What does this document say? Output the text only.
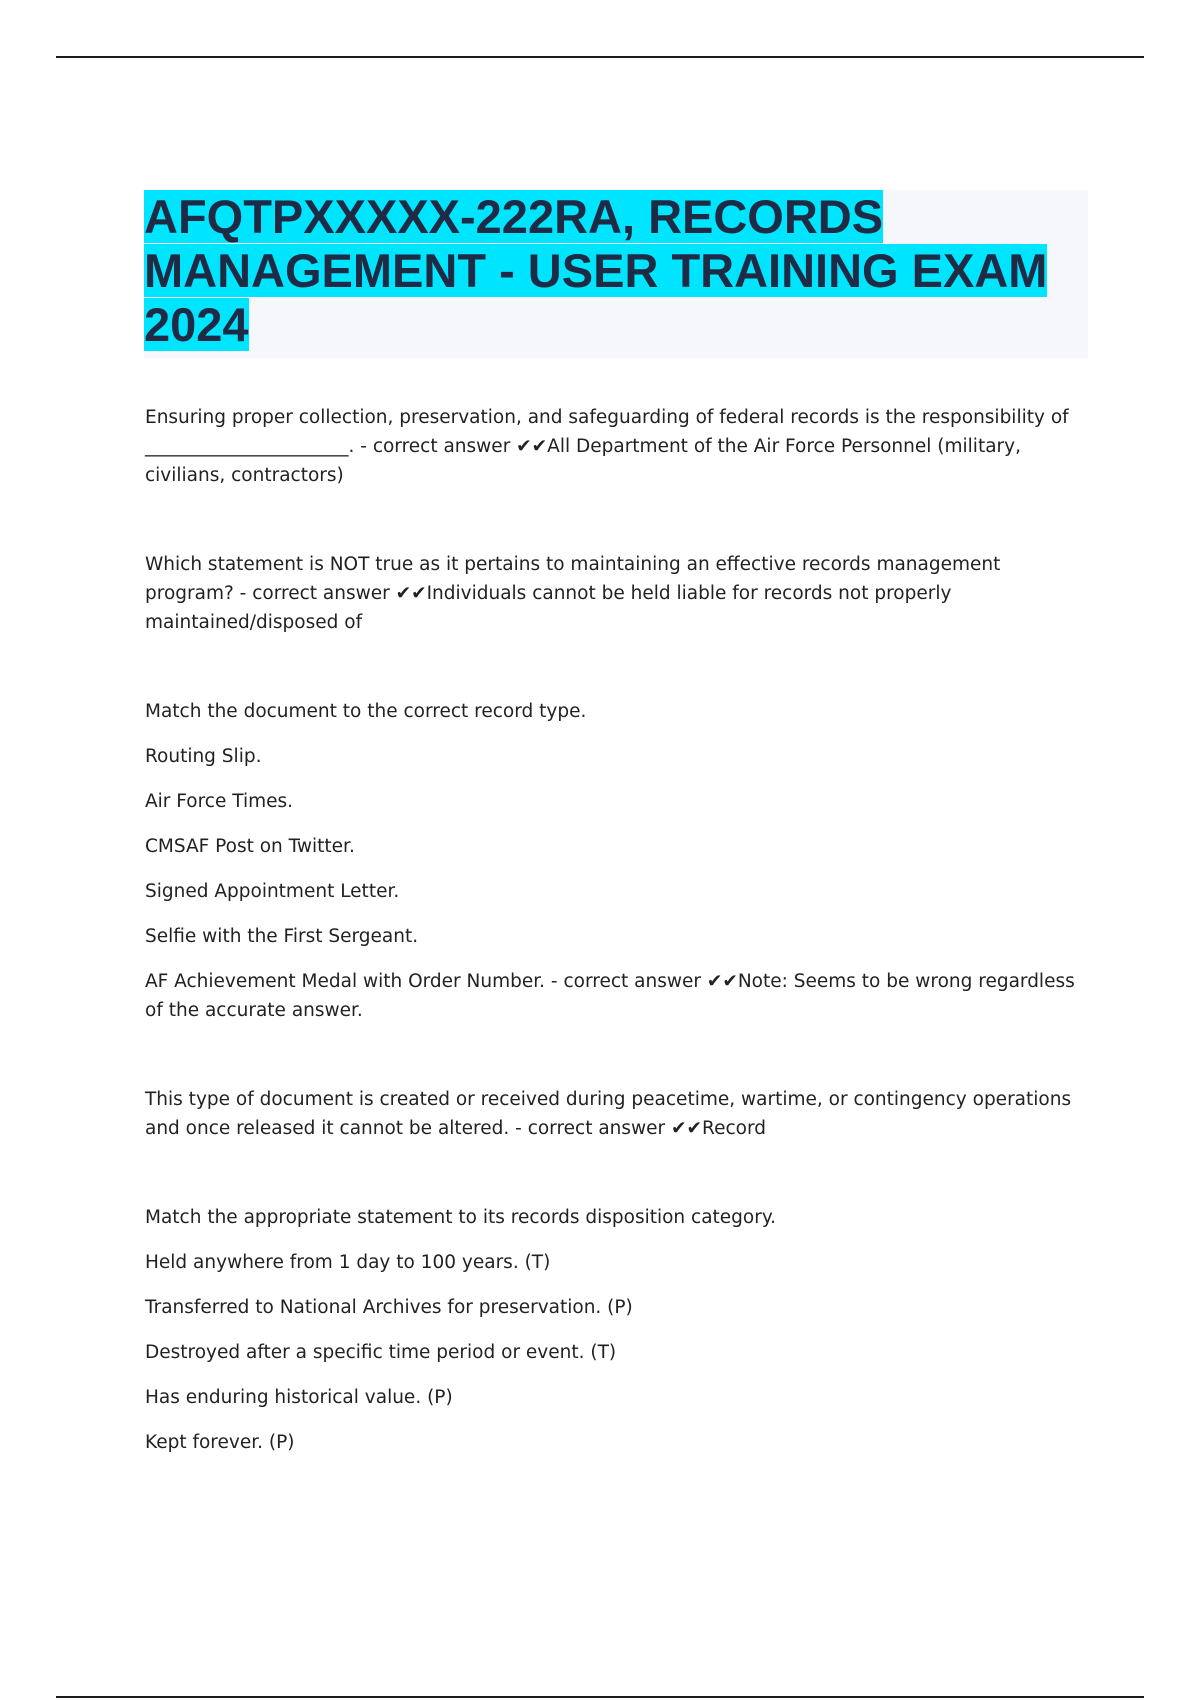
AFQTPXXXXX-222RA, RECORDS MANAGEMENT - USER TRAINING EXAM 2024

Ensuring proper collection, preservation, and safeguarding of federal records is the responsibility of ______________________. - correct answer ✔✔All Department of the Air Force Personnel (military, civilians, contractors)

Which statement is NOT true as it pertains to maintaining an effective records management program? - correct answer ✔✔Individuals cannot be held liable for records not properly maintained/disposed of

Match the document to the correct record type.

Routing Slip.

Air Force Times.

CMSAF Post on Twitter.

Signed Appointment Letter.

Selfie with the First Sergeant.

AF Achievement Medal with Order Number. - correct answer ✔✔Note: Seems to be wrong regardless of the accurate answer.

This type of document is created or received during peacetime, wartime, or contingency operations and once released it cannot be altered. - correct answer ✔✔Record

Match the appropriate statement to its records disposition category.

Held anywhere from 1 day to 100 years. (T)

Transferred to National Archives for preservation. (P)

Destroyed after a specific time period or event. (T)

Has enduring historical value. (P)

Kept forever. (P)
